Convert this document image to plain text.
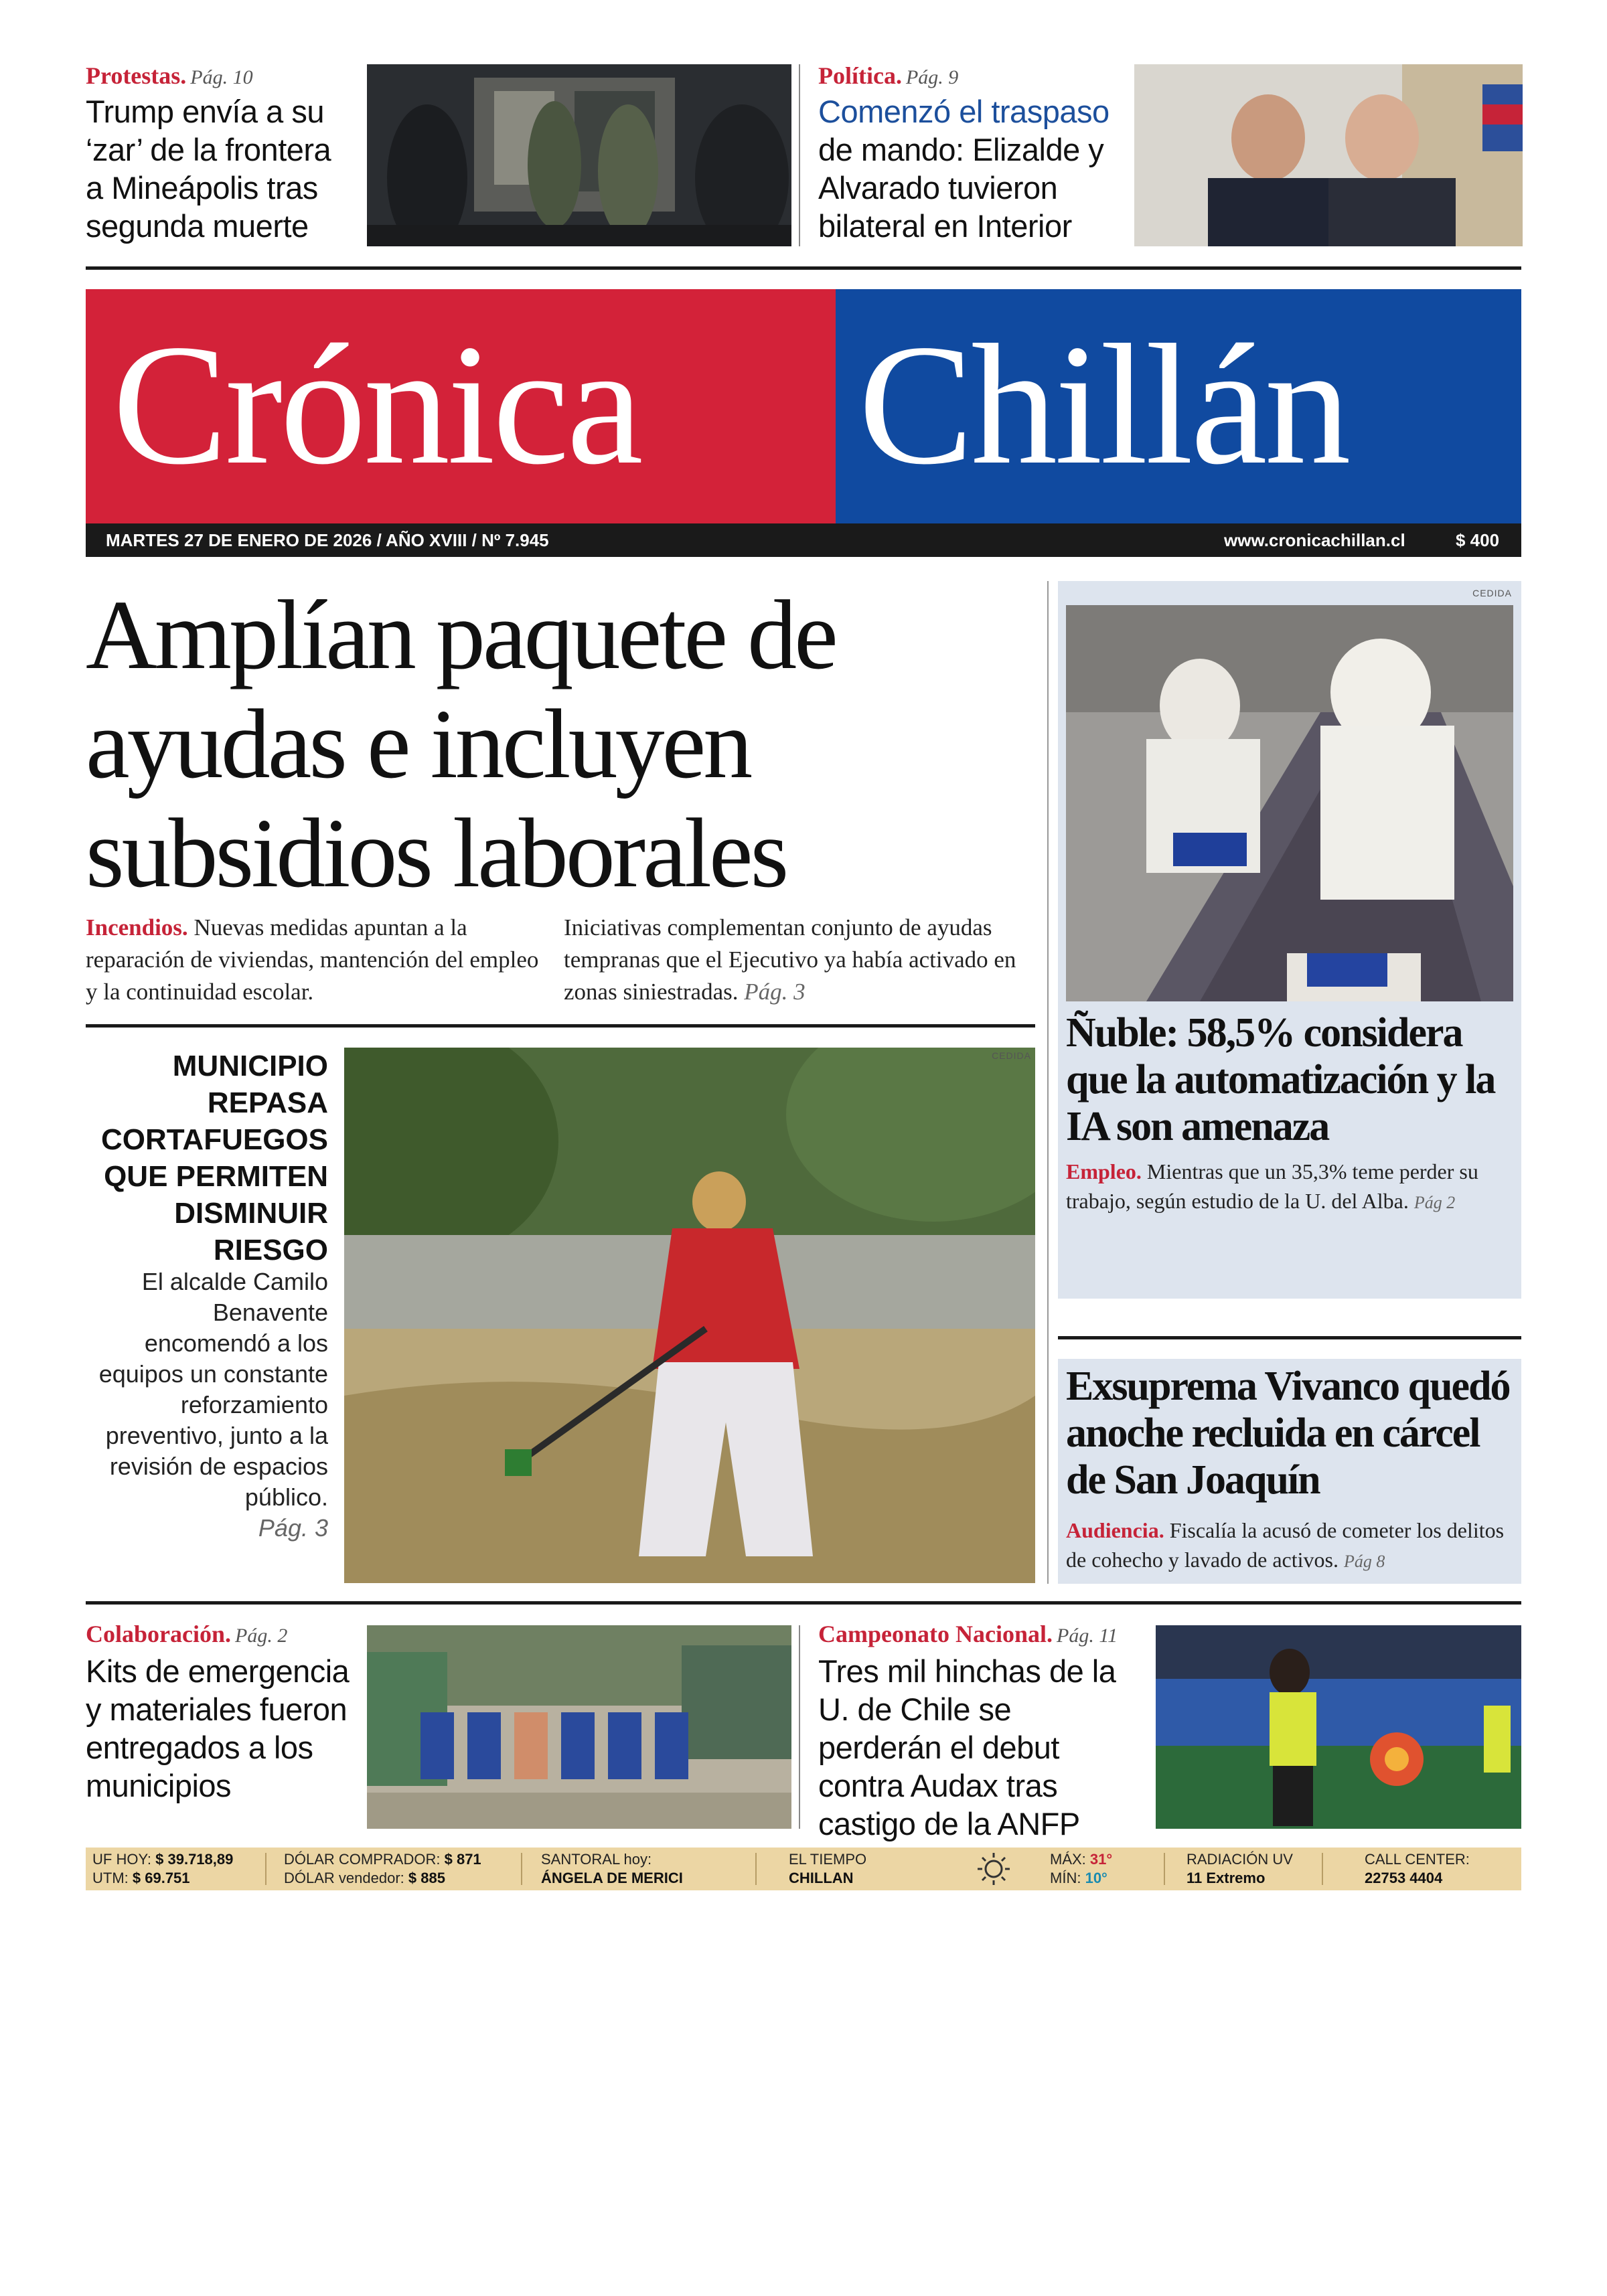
Protestas. Pág. 10
Trump envía a su ‘zar’ de la frontera a Mineápolis tras segunda muerte
Política. Pág. 9
Comenzó el traspaso
de mando: Elizalde y Alvarado tuvieron bilateral en Interior
Crónica Chillán
MARTES 27 DE ENERO DE 2026 / AÑO XVIII / Nº 7.945	www.cronicachillan.cl	$ 400
Amplían paquete de ayudas e incluyen subsidios laborales
Incendios. Nuevas medidas apuntan a la reparación de viviendas, mantención del empleo y la continuidad escolar.
Iniciativas complementan conjunto de ayudas tempranas que el Ejecutivo ya había activado en zonas siniestradas. Pág. 3
MUNICIPIO REPASA CORTAFUEGOS QUE PERMITEN DISMINUIR RIESGO
El alcalde Camilo Benavente encomendó a los equipos un constante reforzamiento preventivo, junto a la revisión de espacios público.
Pág. 3
CEDIDA
CEDIDA
Ñuble: 58,5% considera que la automatización y la IA son amenaza
Empleo. Mientras que un 35,3% teme perder su trabajo, según estudio de la U. del Alba. Pág 2
Exsuprema Vivanco quedó anoche recluida en cárcel de San Joaquín
Audiencia. Fiscalía la acusó de cometer los delitos de cohecho y lavado de activos. Pág 8
Colaboración. Pág. 2
Kits de emergencia y materiales fueron entregados a los municipios
Campeonato Nacional. Pág. 11
Tres mil hinchas de la U. de Chile se perderán el debut contra Audax tras castigo de la ANFP
UF HOY: $ 39.718,89
UTM: $ 69.751
DÓLAR COMPRADOR: $ 871
DÓLAR vendedor: $ 885
SANTORAL hoy:
ÁNGELA DE MERICI
EL TIEMPO
CHILLAN
MÁX: 31°
MÍN: 10°
RADIACIÓN UV
11 Extremo
CALL CENTER:
22753 4404
